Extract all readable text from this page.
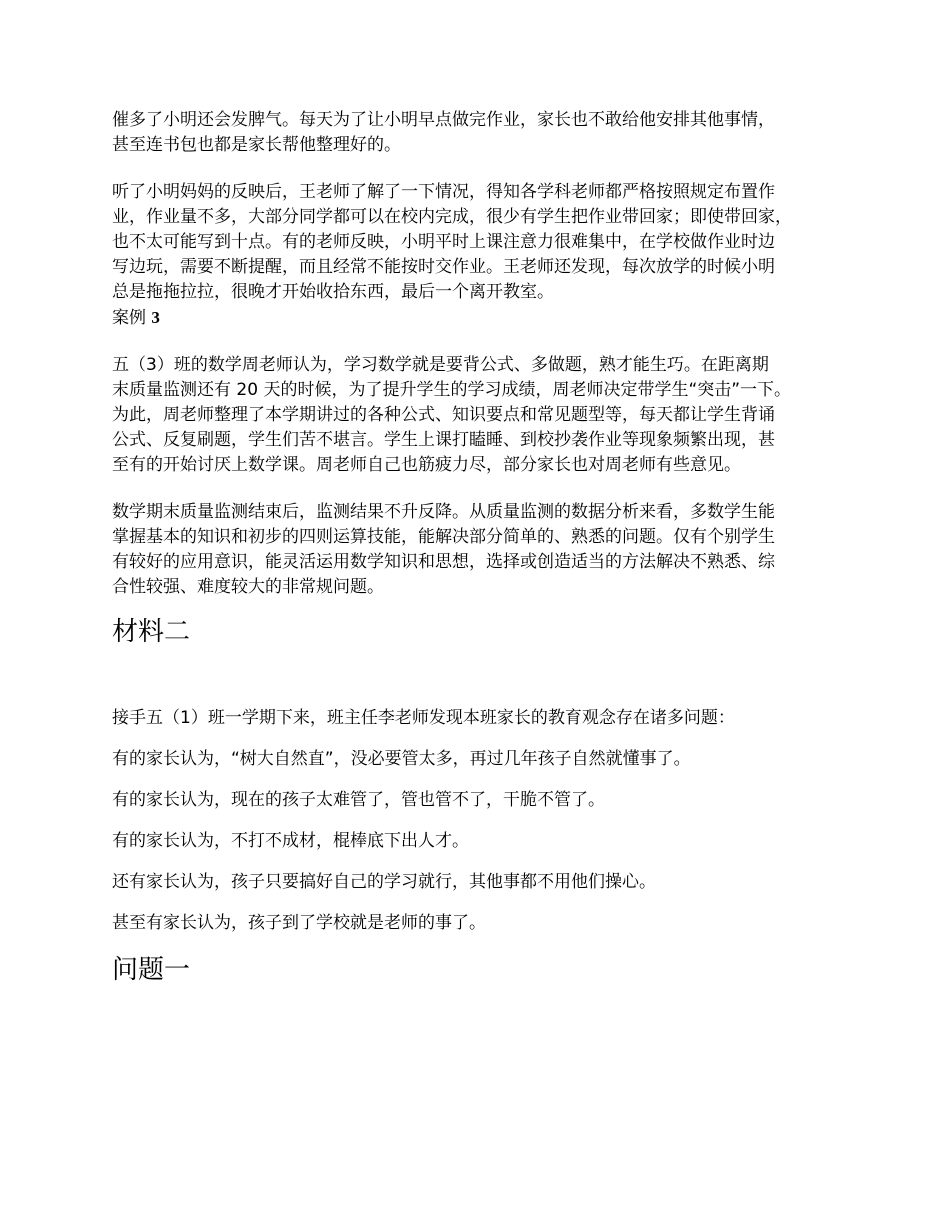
催多了小明还会发脾气。每天为了让小明早点做完作业，家长也不敢给他安排其他事情，
甚至连书包也都是家长帮他整理好的。

听了小明妈妈的反映后，王老师了解了一下情况，得知各学科老师都严格按照规定布置作
业，作业量不多，大部分同学都可以在校内完成，很少有学生把作业带回家；即使带回家，
也不太可能写到十点。有的老师反映，小明平时上课注意力很难集中，在学校做作业时边
写边玩，需要不断提醒，而且经常不能按时交作业。王老师还发现，每次放学的时候小明
总是拖拖拉拉，很晚才开始收拾东西，最后一个离开教室。

案例 3

五（3）班的数学周老师认为，学习数学就是要背公式、多做题，熟才能生巧。在距离期
末质量监测还有 20 天的时候，为了提升学生的学习成绩，周老师决定带学生“突击”一下。
为此，周老师整理了本学期讲过的各种公式、知识要点和常见题型等，每天都让学生背诵
公式、反复刷题，学生们苦不堪言。学生上课打瞌睡、到校抄袭作业等现象频繁出现，甚
至有的开始讨厌上数学课。周老师自己也筋疲力尽，部分家长也对周老师有些意见。

数学期末质量监测结束后，监测结果不升反降。从质量监测的数据分析来看，多数学生能
掌握基本的知识和初步的四则运算技能，能解决部分简单的、熟悉的问题。仅有个别学生
有较好的应用意识，能灵活运用数学知识和思想，选择或创造适当的方法解决不熟悉、综
合性较强、难度较大的非常规问题。

材料二

接手五（1）班一学期下来，班主任李老师发现本班家长的教育观念存在诸多问题：

有的家长认为，“树大自然直”，没必要管太多，再过几年孩子自然就懂事了。

有的家长认为，现在的孩子太难管了，管也管不了，干脆不管了。

有的家长认为，不打不成材，棍棒底下出人才。

还有家长认为，孩子只要搞好自己的学习就行，其他事都不用他们操心。

甚至有家长认为，孩子到了学校就是老师的事了。

问题一
